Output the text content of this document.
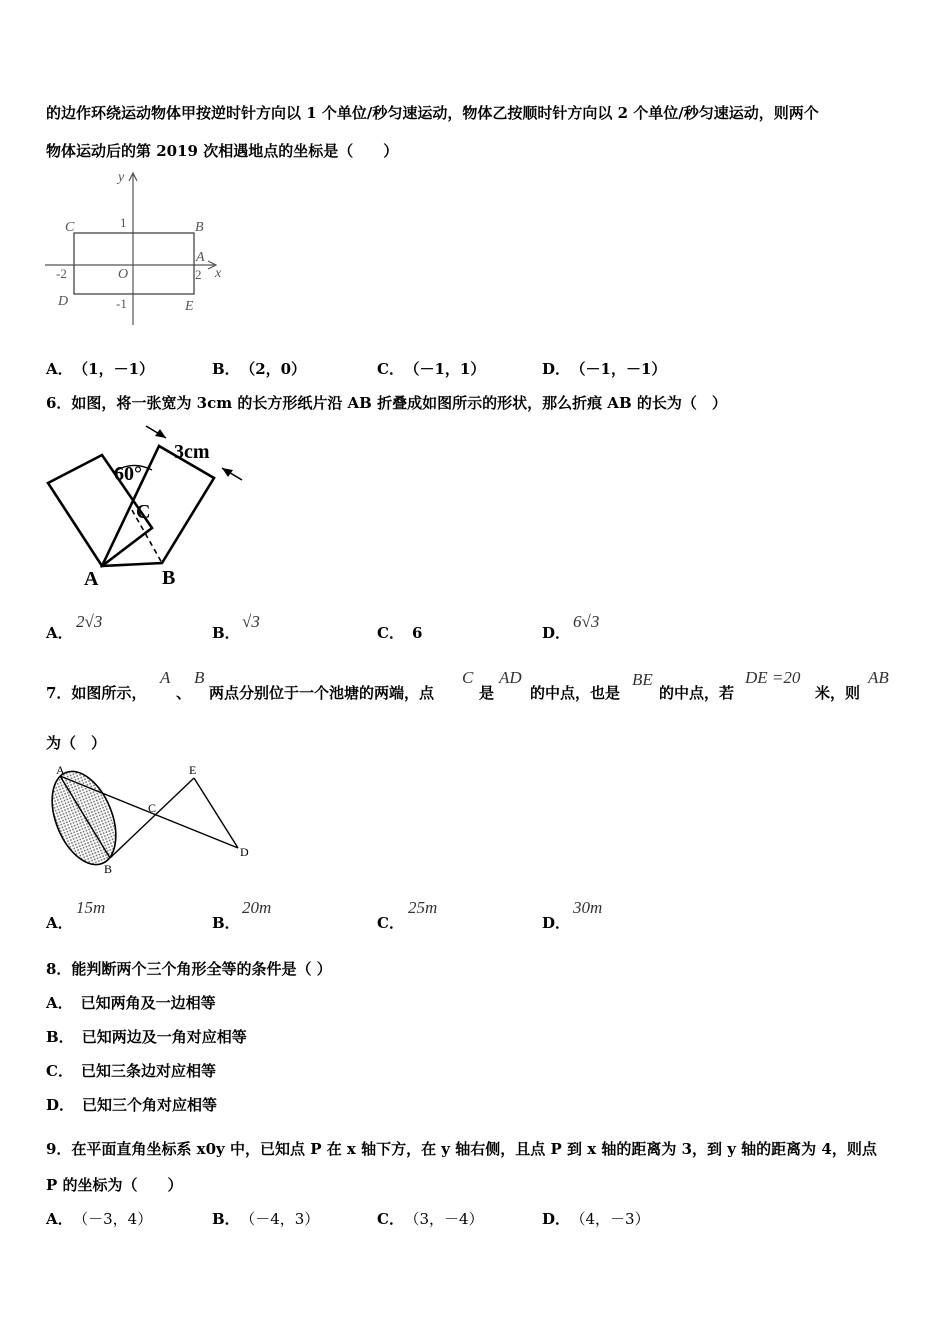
的边作环绕运动物体甲按逆时针方向以 1 个单位/秒匀速运动，物体乙按顺时针方向以 2 个单位/秒匀速运动，则两个
物体运动后的第 2019 次相遇地点的坐标是（　　）
y
x
C	B
A
D	E
O
1
-1
2
-2
A． （1，－1）	B． （2，0）	C． （－1，1）	D． （－1，－1）
6．如图，将一张宽为 3cm 的长方形纸片沿 AB 折叠成如图所示的形状，那么折痕 AB 的长为（　）
3cm
60°
C
A	B
A．
2√3
B．
√3
C． 6	D．
6√3
7．如图所示，
A
、
B
两点分别位于一个池塘的两端，点
C
是
AD
的中点，也是
BE
的中点，若
DE =20
米，则
AB
为（　）
A
B
C
D
E
A．
15m
B．
20m
C．
25m
D．
30m
8．能判断两个三个角形全等的条件是（ ）
A． 已知两角及一边相等
B． 已知两边及一角对应相等
C． 已知三条边对应相等
D． 已知三个角对应相等
9．在平面直角坐标系 x0y 中，已知点 P 在 x 轴下方，在 y 轴右侧，且点 P 到 x 轴的距离为 3，到 y 轴的距离为 4，则点
P 的坐标为（　　）
A． （－3，4）	B． （－4，3）	C． （3，－4）	D． （4，－3）
